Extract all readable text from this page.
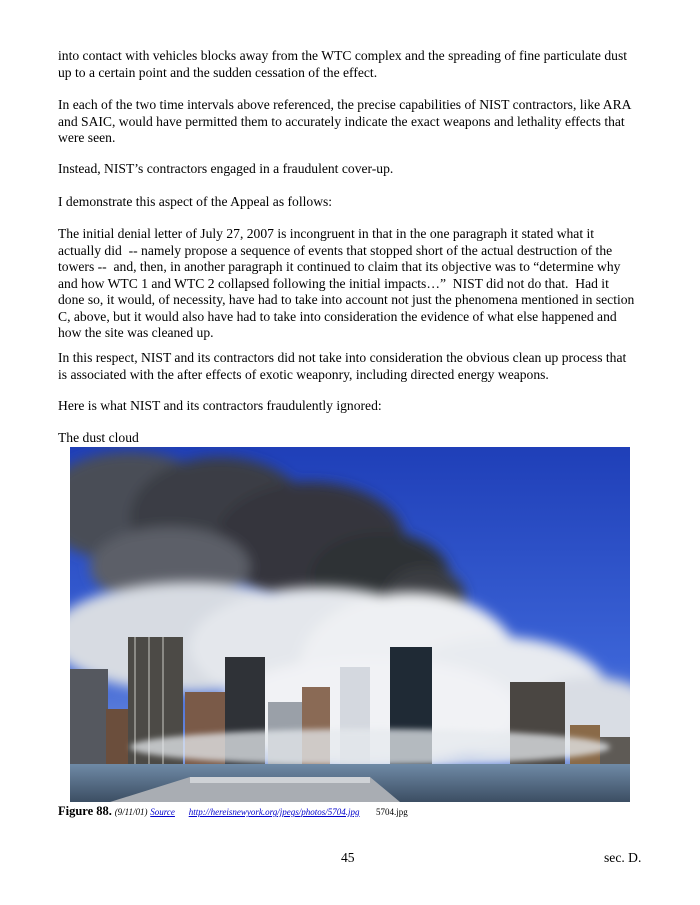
into contact with vehicles blocks away from the WTC complex and the spreading of fine particulate dust
up to a certain point and the sudden cessation of the effect.

In each of the two time intervals above referenced, the precise capabilities of NIST contractors, like ARA
and SAIC, would have permitted them to accurately indicate the exact weapons and lethality effects that
were seen.

Instead, NIST’s contractors engaged in a fraudulent cover-up.

I demonstrate this aspect of the Appeal as follows:

The initial denial letter of July 27, 2007 is incongruent in that in the one paragraph it stated what it
actually did  -- namely propose a sequence of events that stopped short of the actual destruction of the
towers --  and, then, in another paragraph it continued to claim that its objective was to “determine why
and how WTC 1 and WTC 2 collapsed following the initial impacts…”  NIST did not do that.  Had it
done so, it would, of necessity, have had to take into account not just the phenomena mentioned in section
C, above, but it would also have had to take into consideration the evidence of what else happened and
how the site was cleaned up.

In this respect, NIST and its contractors did not take into consideration the obvious clean up process that
is associated with the after effects of exotic weaponry, including directed energy weapons.

Here is what NIST and its contractors fraudulently ignored:

The dust cloud

Figure 88. (9/11/01) Source http://hereisnewyork.org/jpegs/photos/5704.jpg 5704.jpg
45	sec. D.
